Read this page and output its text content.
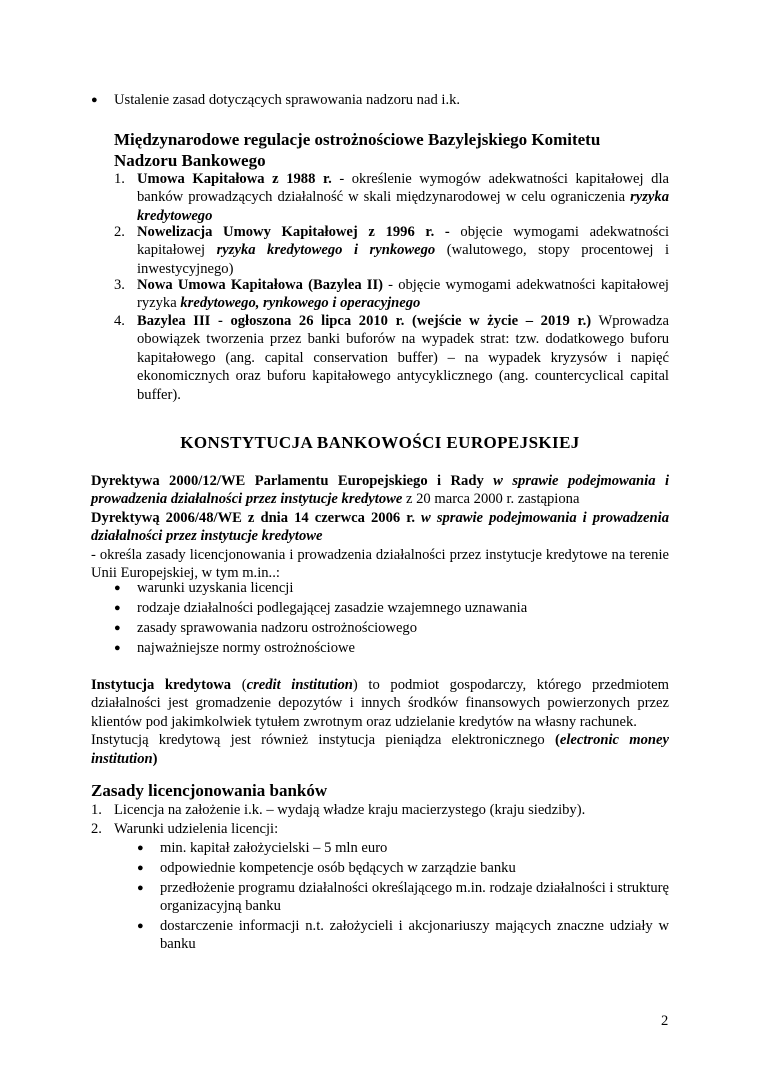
● Ustalenie zasad dotyczących sprawowania nadzoru nad i.k.
Międzynarodowe regulacje ostrożnościowe Bazylejskiego Komitetu
Nadzoru Bankowego
1. Umowa Kapitałowa z 1988 r. - określenie wymogów adekwatności kapitałowej dla banków prowadzących działalność w skali międzynarodowej w celu ograniczenia ryzyka kredytowego
2. Nowelizacja Umowy Kapitałowej z 1996 r. - objęcie wymogami adekwatności kapitałowej ryzyka kredytowego i rynkowego (walutowego, stopy procentowej i inwestycyjnego)
3. Nowa Umowa Kapitałowa (Bazylea II) - objęcie wymogami adekwatności kapitałowej ryzyka kredytowego, rynkowego i operacyjnego
4. Bazylea III - ogłoszona 26 lipca 2010 r. (wejście w życie – 2019 r.) Wprowadza obowiązek tworzenia przez banki buforów na wypadek strat: tzw. dodatkowego buforu kapitałowego (ang. capital conservation buffer) – na wypadek kryzysów i napięć ekonomicznych oraz buforu kapitałowego antycyklicznego (ang. countercyclical capital buffer).
KONSTYTUCJA BANKOWOŚCI EUROPEJSKIEJ
Dyrektywa 2000/12/WE Parlamentu Europejskiego i Rady w sprawie podejmowania i prowadzenia działalności przez instytucje kredytowe z 20 marca 2000 r. zastąpiona
Dyrektywą 2006/48/WE z dnia 14 czerwca 2006 r. w sprawie podejmowania i prowadzenia działalności przez instytucje kredytowe
- określa zasady licencjonowania i prowadzenia działalności przez instytucje kredytowe na terenie Unii Europejskiej, w tym m.in..:
● warunki uzyskania licencji
● rodzaje działalności podlegającej zasadzie wzajemnego uznawania
● zasady sprawowania nadzoru ostrożnościowego
● najważniejsze normy ostrożnościowe
Instytucja kredytowa (credit institution) to podmiot gospodarczy, którego przedmiotem działalności jest gromadzenie depozytów i innych środków finansowych powierzonych przez klientów pod jakimkolwiek tytułem zwrotnym oraz udzielanie kredytów na własny rachunek.
Instytucją kredytową jest również instytucja pieniądza elektronicznego (electronic money institution)
Zasady licencjonowania banków
1. Licencja na założenie i.k. – wydają władze kraju macierzystego (kraju siedziby).
2. Warunki udzielenia licencji:
● min. kapitał założycielski – 5 mln euro
● odpowiednie kompetencje osób będących w zarządzie banku
● przedłożenie programu działalności określającego m.in. rodzaje działalności i strukturę organizacyjną banku
● dostarczenie informacji n.t. założycieli i akcjonariuszy mających znaczne udziały w banku
2
